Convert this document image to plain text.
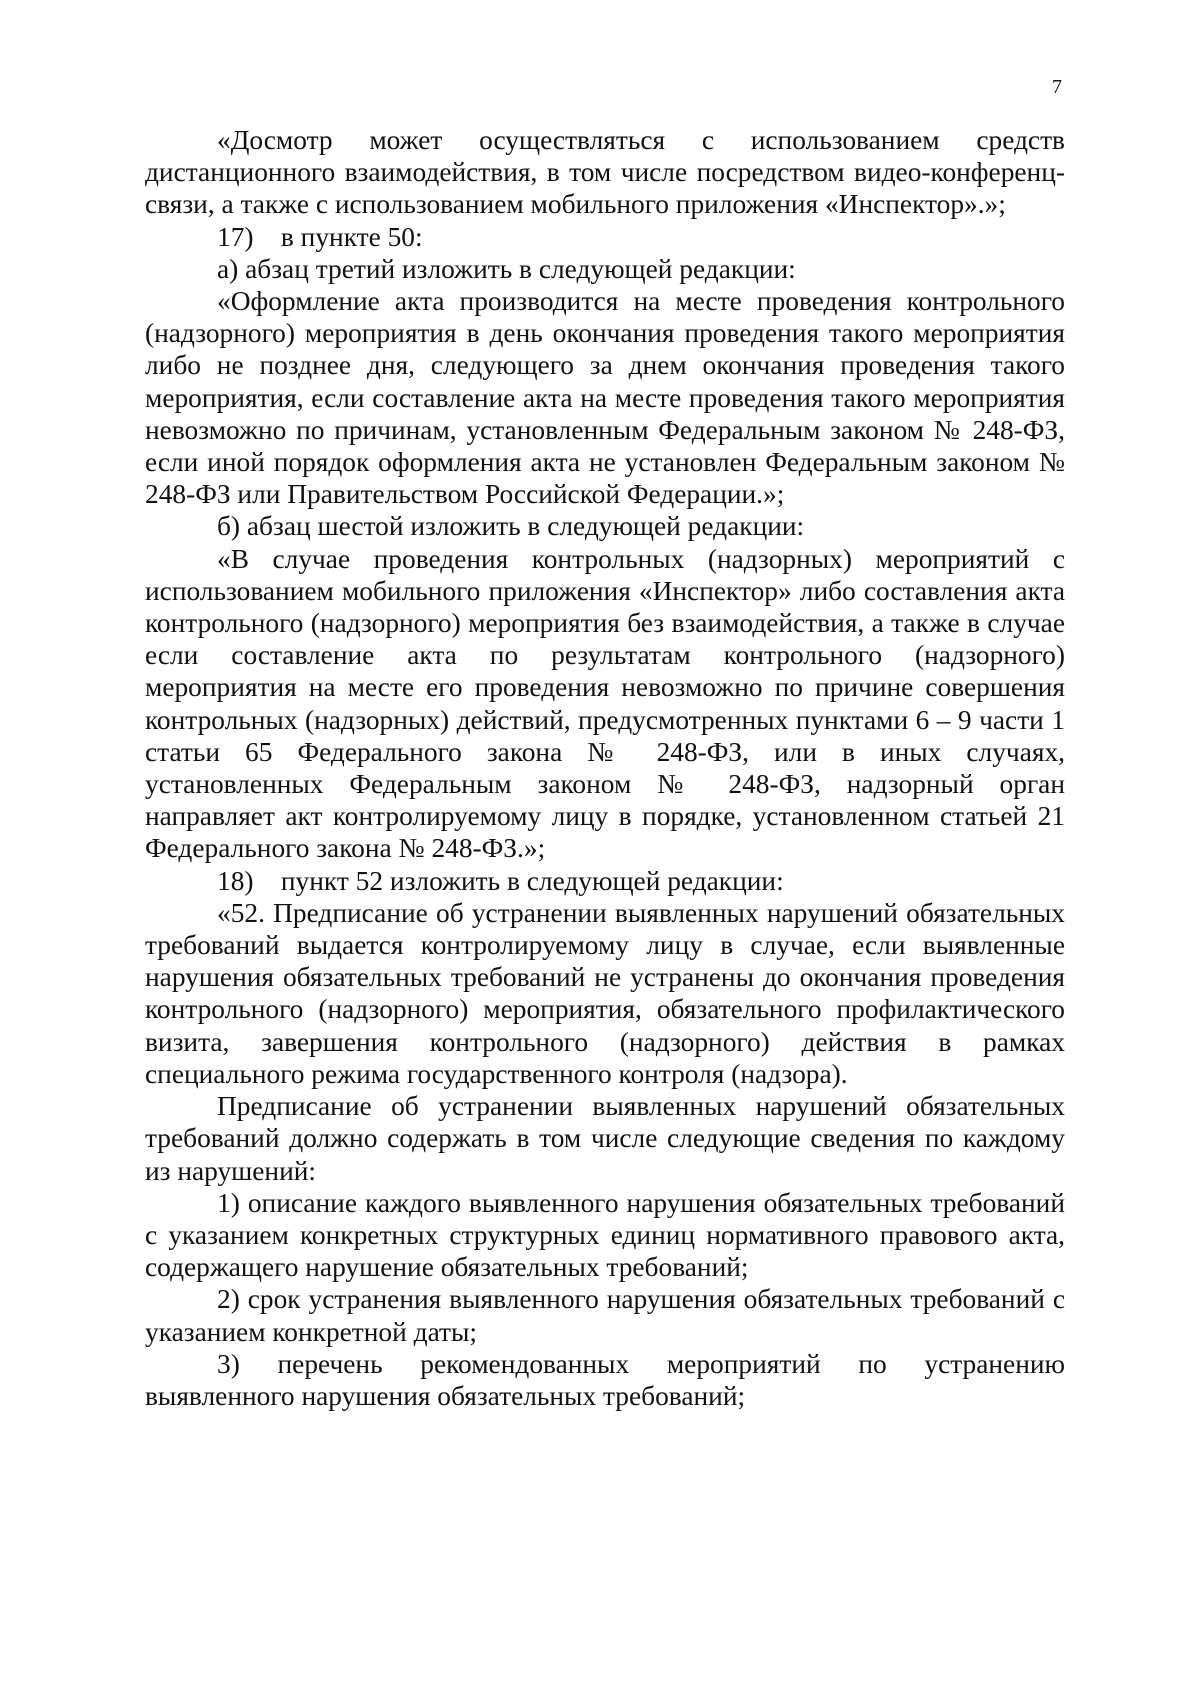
7

«Досмотр может осуществляться с использованием средств дистанционного взаимодействия, в том числе посредством видео-конференц-связи, а также с использованием мобильного приложения «Инспектор».»;

17) в пункте 50:

а) абзац третий изложить в следующей редакции:

«Оформление акта производится на месте проведения контрольного (надзорного) мероприятия в день окончания проведения такого мероприятия либо не позднее дня, следующего за днем окончания проведения такого мероприятия, если составление акта на месте проведения такого мероприятия невозможно по причинам, установленным Федеральным законом № 248-ФЗ, если иной порядок оформления акта не установлен Федеральным законом № 248-ФЗ или Правительством Российской Федерации.»;

б) абзац шестой изложить в следующей редакции:

«В случае проведения контрольных (надзорных) мероприятий с использованием мобильного приложения «Инспектор» либо составления акта контрольного (надзорного) мероприятия без взаимодействия, а также в случае если составление акта по результатам контрольного (надзорного) мероприятия на месте его проведения невозможно по причине совершения контрольных (надзорных) действий, предусмотренных пунктами 6 – 9 части 1 статьи 65 Федерального закона № 248-ФЗ, или в иных случаях, установленных Федеральным законом № 248-ФЗ, надзорный орган направляет акт контролируемому лицу в порядке, установленном статьей 21 Федерального закона № 248-ФЗ.»;

18) пункт 52 изложить в следующей редакции:

«52. Предписание об устранении выявленных нарушений обязательных требований выдается контролируемому лицу в случае, если выявленные нарушения обязательных требований не устранены до окончания проведения контрольного (надзорного) мероприятия, обязательного профилактического визита, завершения контрольного (надзорного) действия в рамках специального режима государственного контроля (надзора).

Предписание об устранении выявленных нарушений обязательных требований должно содержать в том числе следующие сведения по каждому из нарушений:

1) описание каждого выявленного нарушения обязательных требований с указанием конкретных структурных единиц нормативного правового акта, содержащего нарушение обязательных требований;

2) срок устранения выявленного нарушения обязательных требований с указанием конкретной даты;

3) перечень рекомендованных мероприятий по устранению выявленного нарушения обязательных требований;
